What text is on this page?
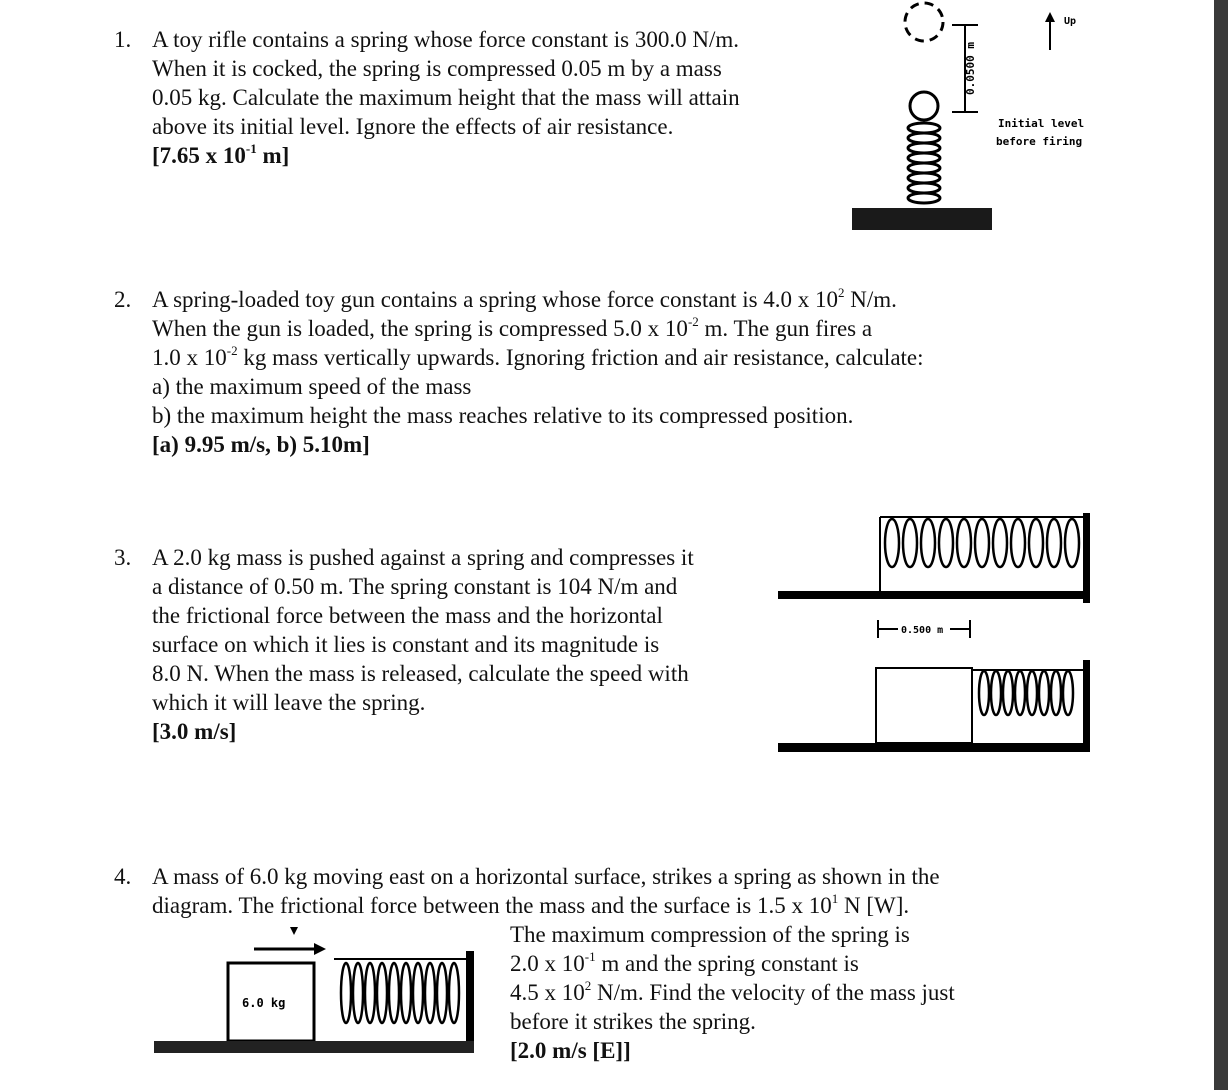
1. A toy rifle contains a spring whose force constant is 300.0 N/m.
When it is cocked, the spring is compressed 0.05 m by a mass
0.05 kg. Calculate the maximum height that the mass will attain
above its initial level. Ignore the effects of air resistance.
[7.65 x $10^{-1}$ m]
0.0500 m
Up
Initial level
before firing
2. A spring-loaded toy gun contains a spring whose force constant is 4.0 x $10^2$ N/m.
When the gun is loaded, the spring is compressed 5.0 x $10^{-2}$ m. The gun fires a
1.0 x $10^{-2}$ kg mass vertically upwards. Ignoring friction and air resistance, calculate:
a) the maximum speed of the mass
b) the maximum height the mass reaches relative to its compressed position.
[a) 9.95 m/s, b) 5.10m]
3. A 2.0 kg mass is pushed against a spring and compresses it
a distance of 0.50 m. The spring constant is 104 N/m and
the frictional force between the mass and the horizontal
surface on which it lies is constant and its magnitude is
8.0 N. When the mass is released, calculate the speed with
which it will leave the spring.
[3.0 m/s]
0.500 m
4. A mass of 6.0 kg moving east on a horizontal surface, strikes a spring as shown in the
diagram. The frictional force between the mass and the surface is 1.5 x $10^1$ N [W].
The maximum compression of the spring is
2.0 x $10^{-1}$ m and the spring constant is
4.5 x $10^2$ N/m. Find the velocity of the mass just
before it strikes the spring.
[2.0 m/s [E]]
6.0 kg
